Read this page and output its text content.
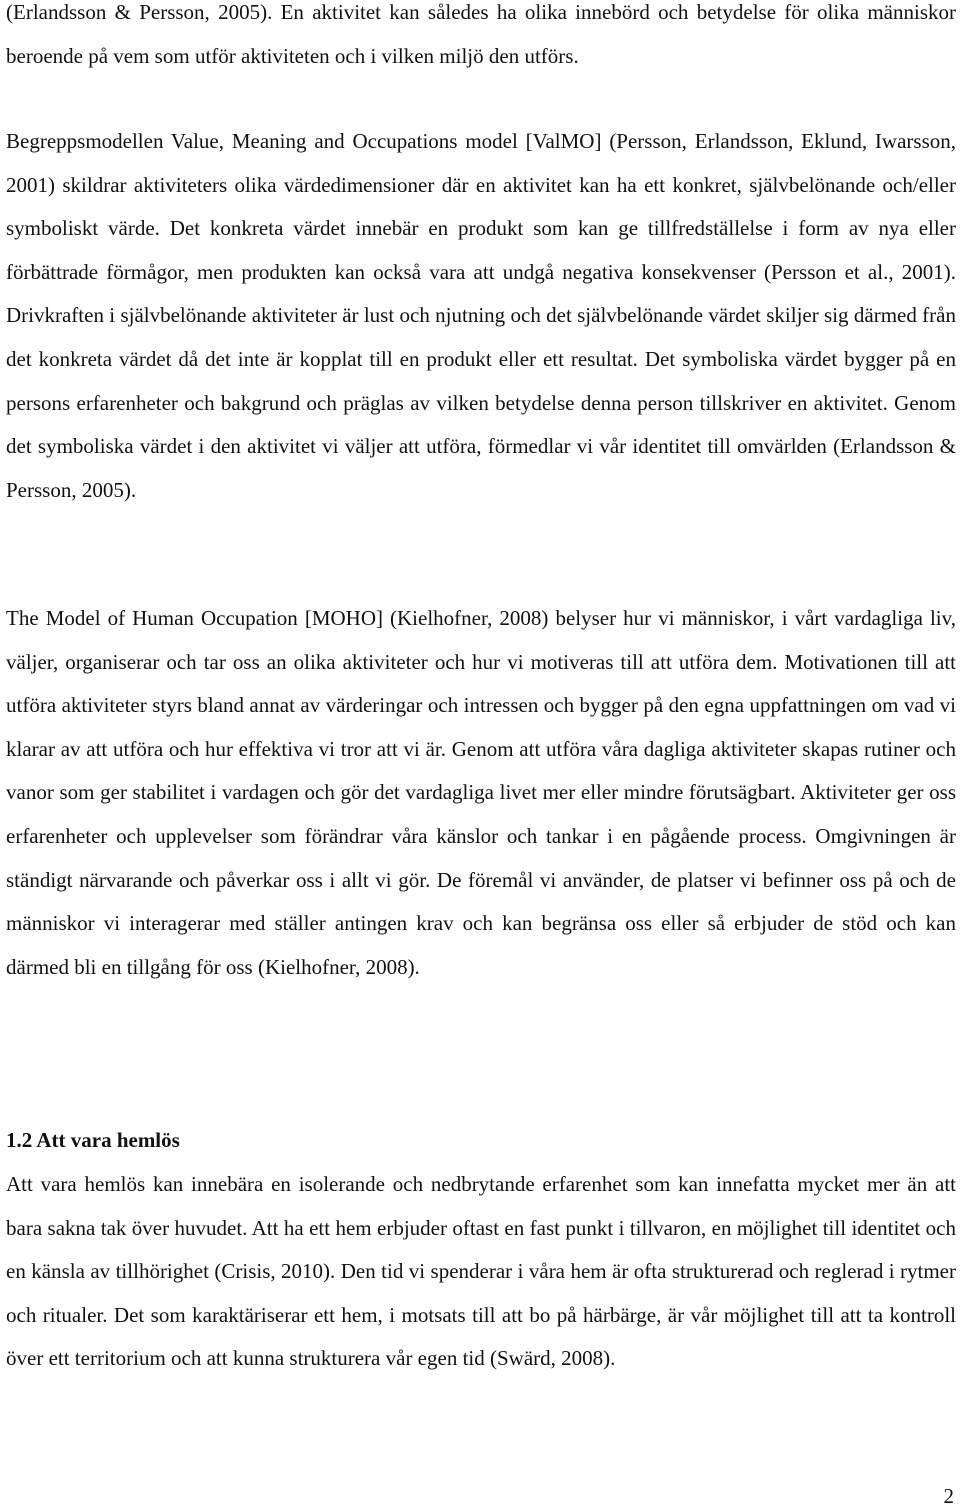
(Erlandsson & Persson, 2005). En aktivitet kan således ha olika innebörd och betydelse för olika människor beroende på vem som utför aktiviteten och i vilken miljö den utförs.

Begreppsmodellen Value, Meaning and Occupations model [ValMO] (Persson, Erlandsson, Eklund, Iwarsson, 2001) skildrar aktiviteters olika värdedimensioner där en aktivitet kan ha ett konkret, självbelönande och/eller symboliskt värde. Det konkreta värdet innebär en produkt som kan ge tillfredställelse i form av nya eller förbättrade förmågor, men produkten kan också vara att undgå negativa konsekvenser (Persson et al., 2001). Drivkraften i självbelönande aktiviteter är lust och njutning och det självbelönande värdet skiljer sig därmed från det konkreta värdet då det inte är kopplat till en produkt eller ett resultat. Det symboliska värdet bygger på en persons erfarenheter och bakgrund och präglas av vilken betydelse denna person tillskriver en aktivitet. Genom det symboliska värdet i den aktivitet vi väljer att utföra, förmedlar vi vår identitet till omvärlden (Erlandsson & Persson, 2005).

The Model of Human Occupation [MOHO] (Kielhofner, 2008) belyser hur vi människor, i vårt vardagliga liv, väljer, organiserar och tar oss an olika aktiviteter och hur vi motiveras till att utföra dem. Motivationen till att utföra aktiviteter styrs bland annat av värderingar och intressen och bygger på den egna uppfattningen om vad vi klarar av att utföra och hur effektiva vi tror att vi är. Genom att utföra våra dagliga aktiviteter skapas rutiner och vanor som ger stabilitet i vardagen och gör det vardagliga livet mer eller mindre förutsägbart. Aktiviteter ger oss erfarenheter och upplevelser som förändrar våra känslor och tankar i en pågående process. Omgivningen är ständigt närvarande och påverkar oss i allt vi gör. De föremål vi använder, de platser vi befinner oss på och de människor vi interagerar med ställer antingen krav och kan begränsa oss eller så erbjuder de stöd och kan därmed bli en tillgång för oss (Kielhofner, 2008).

1.2 Att vara hemlös

Att vara hemlös kan innebära en isolerande och nedbrytande erfarenhet som kan innefatta mycket mer än att bara sakna tak över huvudet. Att ha ett hem erbjuder oftast en fast punkt i tillvaron, en möjlighet till identitet och en känsla av tillhörighet (Crisis, 2010). Den tid vi spenderar i våra hem är ofta strukturerad och reglerad i rytmer och ritualer. Det som karaktäriserar ett hem, i motsats till att bo på härbärge, är vår möjlighet till att ta kontroll över ett territorium och att kunna strukturera vår egen tid (Swärd, 2008).

2
